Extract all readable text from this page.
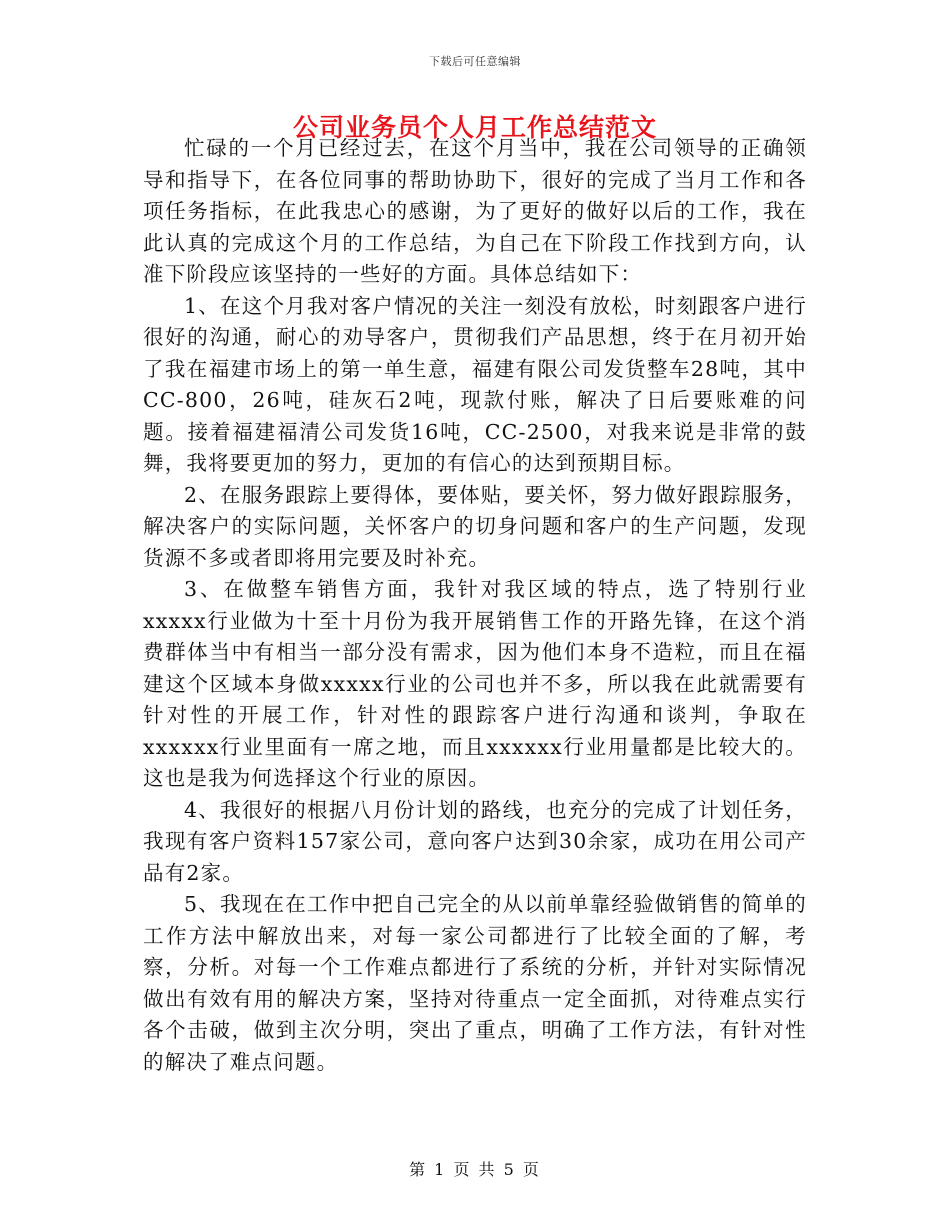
下载后可任意编辑
公司业务员个人月工作总结范文

忙碌的一个月已经过去，在这个月当中，我在公司领导的正确领导和指导下，在各位同事的帮助协助下，很好的完成了当月工作和各项任务指标，在此我忠心的感谢，为了更好的做好以后的工作，我在此认真的完成这个月的工作总结，为自己在下阶段工作找到方向，认准下阶段应该坚持的一些好的方面。具体总结如下：

1、在这个月我对客户情况的关注一刻没有放松，时刻跟客户进行很好的沟通，耐心的劝导客户，贯彻我们产品思想，终于在月初开始了我在福建市场上的第一单生意，福建有限公司发货整车28吨，其中CC-800，26吨，硅灰石2吨，现款付账，解决了日后要账难的问题。接着福建福清公司发货16吨，CC-2500，对我来说是非常的鼓舞，我将要更加的努力，更加的有信心的达到预期目标。

2、在服务跟踪上要得体，要体贴，要关怀，努力做好跟踪服务，解决客户的实际问题，关怀客户的切身问题和客户的生产问题，发现货源不多或者即将用完要及时补充。

3、在做整车销售方面，我针对我区域的特点，选了特别行业xxxxx行业做为十至十月份为我开展销售工作的开路先锋，在这个消费群体当中有相当一部分没有需求，因为他们本身不造粒，而且在福建这个区域本身做xxxxx行业的公司也并不多，所以我在此就需要有针对性的开展工作，针对性的跟踪客户进行沟通和谈判，争取在xxxxxx行业里面有一席之地，而且xxxxxx行业用量都是比较大的。这也是我为何选择这个行业的原因。

4、我很好的根据八月份计划的路线，也充分的完成了计划任务，我现有客户资料157家公司，意向客户达到30余家，成功在用公司产品有2家。

5、我现在在工作中把自己完全的从以前单靠经验做销售的简单的工作方法中解放出来，对每一家公司都进行了比较全面的了解，考察，分析。对每一个工作难点都进行了系统的分析，并针对实际情况做出有效有用的解决方案，坚持对待重点一定全面抓，对待难点实行各个击破，做到主次分明，突出了重点，明确了工作方法，有针对性的解决了难点问题。

第 1 页 共 5 页
